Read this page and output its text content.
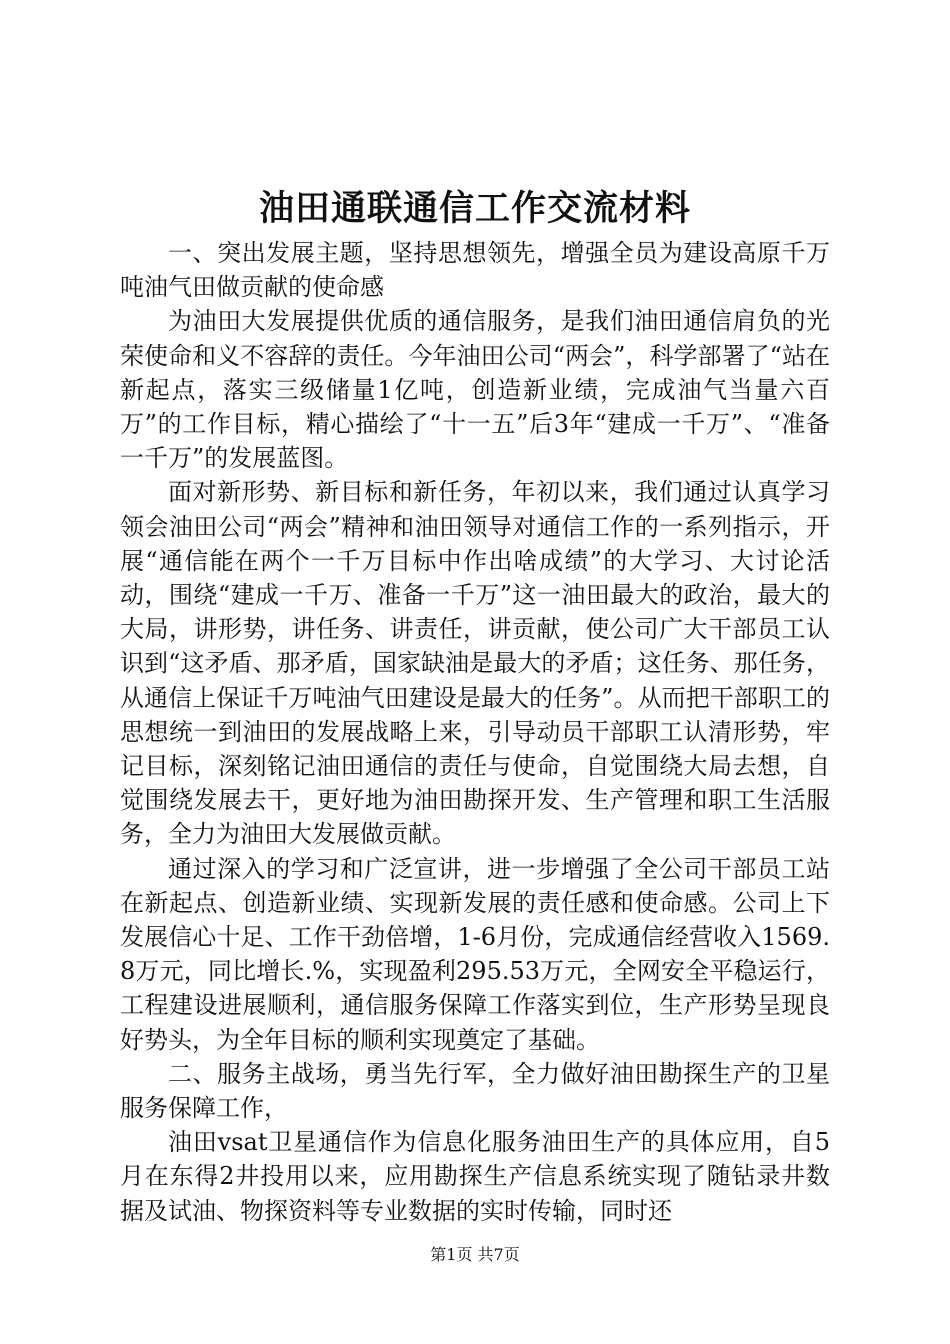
油田通联通信工作交流材料

一、突出发展主题，坚持思想领先，增强全员为建设高原千万吨油气田做贡献的使命感

为油田大发展提供优质的通信服务，是我们油田通信肩负的光荣使命和义不容辞的责任。今年油田公司“两会”，科学部署了“站在新起点，落实三级储量1亿吨，创造新业绩，完成油气当量六百万”的工作目标，精心描绘了“十一五”后3年“建成一千万”、“准备一千万”的发展蓝图。

面对新形势、新目标和新任务，年初以来，我们通过认真学习领会油田公司“两会”精神和油田领导对通信工作的一系列指示，开展“通信能在两个一千万目标中作出啥成绩”的大学习、大讨论活动，围绕“建成一千万、准备一千万”这一油田最大的政治，最大的大局，讲形势，讲任务、讲责任，讲贡献，使公司广大干部员工认识到“这矛盾、那矛盾，国家缺油是最大的矛盾；这任务、那任务，从通信上保证千万吨油气田建设是最大的任务”。从而把干部职工的思想统一到油田的发展战略上来，引导动员干部职工认清形势，牢记目标，深刻铭记油田通信的责任与使命，自觉围绕大局去想，自觉围绕发展去干，更好地为油田勘探开发、生产管理和职工生活服务，全力为油田大发展做贡献。

通过深入的学习和广泛宣讲，进一步增强了全公司干部员工站在新起点、创造新业绩、实现新发展的责任感和使命感。公司上下发展信心十足、工作干劲倍增，1-6月份，完成通信经营收入1569.8万元，同比增长.%，实现盈利295.53万元，全网安全平稳运行，工程建设进展顺利，通信服务保障工作落实到位，生产形势呈现良好势头，为全年目标的顺利实现奠定了基础。

二、服务主战场，勇当先行军，全力做好油田勘探生产的卫星服务保障工作，

油田vsat卫星通信作为信息化服务油田生产的具体应用，自5月在东得2井投用以来，应用勘探生产信息系统实现了随钻录井数据及试油、物探资料等专业数据的实时传输，同时还

第1页 共7页
